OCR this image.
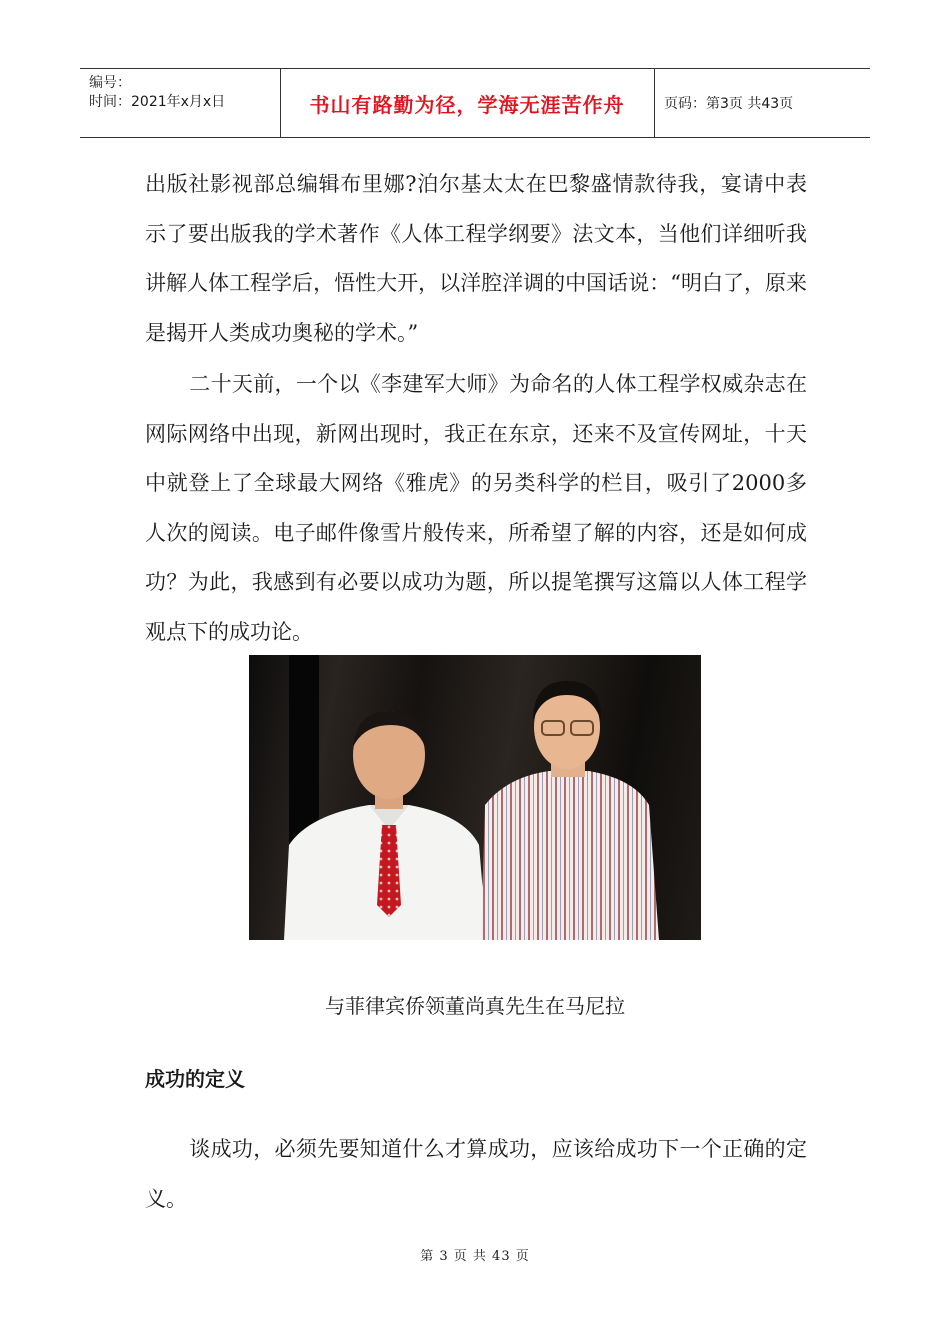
编号：
时间：2021年x月x日	书山有路勤为径，学海无涯苦作舟	页码：第3页 共43页
出版社影视部总编辑布里娜?泊尔基太太在巴黎盛情款待我，宴请中表示了要出版我的学术著作《人体工程学纲要》法文本，当他们详细听我讲解人体工程学后，悟性大开，以洋腔洋调的中国话说：“明白了，原来是揭开人类成功奥秘的学术。”
二十天前，一个以《李建军大师》为命名的人体工程学权威杂志在网际网络中出现，新网出现时，我正在东京，还来不及宣传网址，十天中就登上了全球最大网络《雅虎》的另类科学的栏目，吸引了2000多人次的阅读。电子邮件像雪片般传来，所希望了解的内容，还是如何成功？为此，我感到有必要以成功为题，所以提笔撰写这篇以人体工程学观点下的成功论。
与菲律宾侨领董尚真先生在马尼拉
成功的定义
谈成功，必须先要知道什么才算成功，应该给成功下一个正确的定义。
第 3 页 共 43 页
